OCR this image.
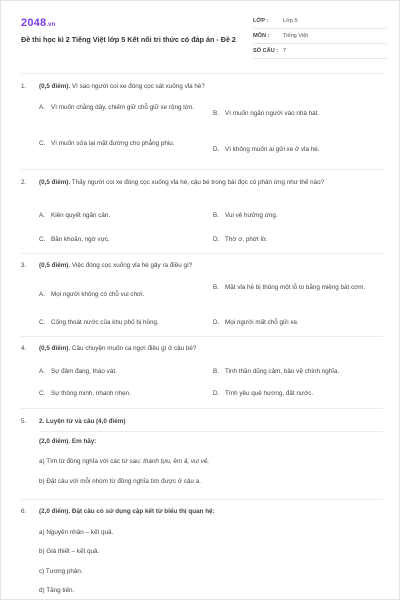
2048.vn
Đề thi học kì 2 Tiếng Việt lớp 5 Kết nối tri thức có đáp án - Đề 2
LỚP :	Lớp 5
MÔN :	Tiếng Việt
SỐ CÂU : 7
1.	(0,5 điểm). Vì sao người coi xe đóng cọc sát xuống vỉa hè?
A. Vì muốn chằng dây, chiếm giữ chỗ giữ xe rộng lớn.
B. Vì muốn ngăn người vào nhà hát.
C. Vì muốn sửa lại mặt đường cho phẳng phiu.
D. Vì không muốn ai gửi xe ở vỉa hè.
2.	(0,5 điểm). Thấy người coi xe đóng cọc xuống vỉa hè, cậu bé trong bài đọc có phản ứng như thế nào?
A. Kiên quyết ngăn cản.	B. Vui vẻ hưởng ứng.
C. Băn khoăn, ngờ vực.	D. Thờ ơ, phớt lờ.
3.	(0,5 điểm). Việc đóng cọc xuống vỉa hè gây ra điều gì?
A. Mọi người không có chỗ vui chơi.
B. Mặt vỉa hè bị thủng một lỗ to bằng miệng bát cơm.
C. Cống thoát nước của khu phố bị hỏng.	D. Mọi người mất chỗ gửi xe.
4.	(0,5 điểm). Câu chuyện muốn ca ngợi điều gì ở cậu bé?
A. Sự đảm đang, tháo vát.	B. Tinh thần dũng cảm, bảo vệ chính nghĩa.
C. Sự thông minh, nhanh nhẹn.	D. Tình yêu quê hương, đất nước.
5.	2. Luyện từ và câu (4,0 điểm)
(2,0 điểm). Em hãy:
a) Tìm từ đồng nghĩa với các từ sau: thành tựu, êm ả, vui vẻ.
b) Đặt câu với mỗi nhóm từ đồng nghĩa tìm được ở câu a.
6.	(2,0 điểm). Đặt câu có sử dụng cặp kết từ biểu thị quan hệ:
a) Nguyên nhân – kết quả.
b) Giả thiết – kết quả.
c) Tương phản.
d) Tăng tiến.
